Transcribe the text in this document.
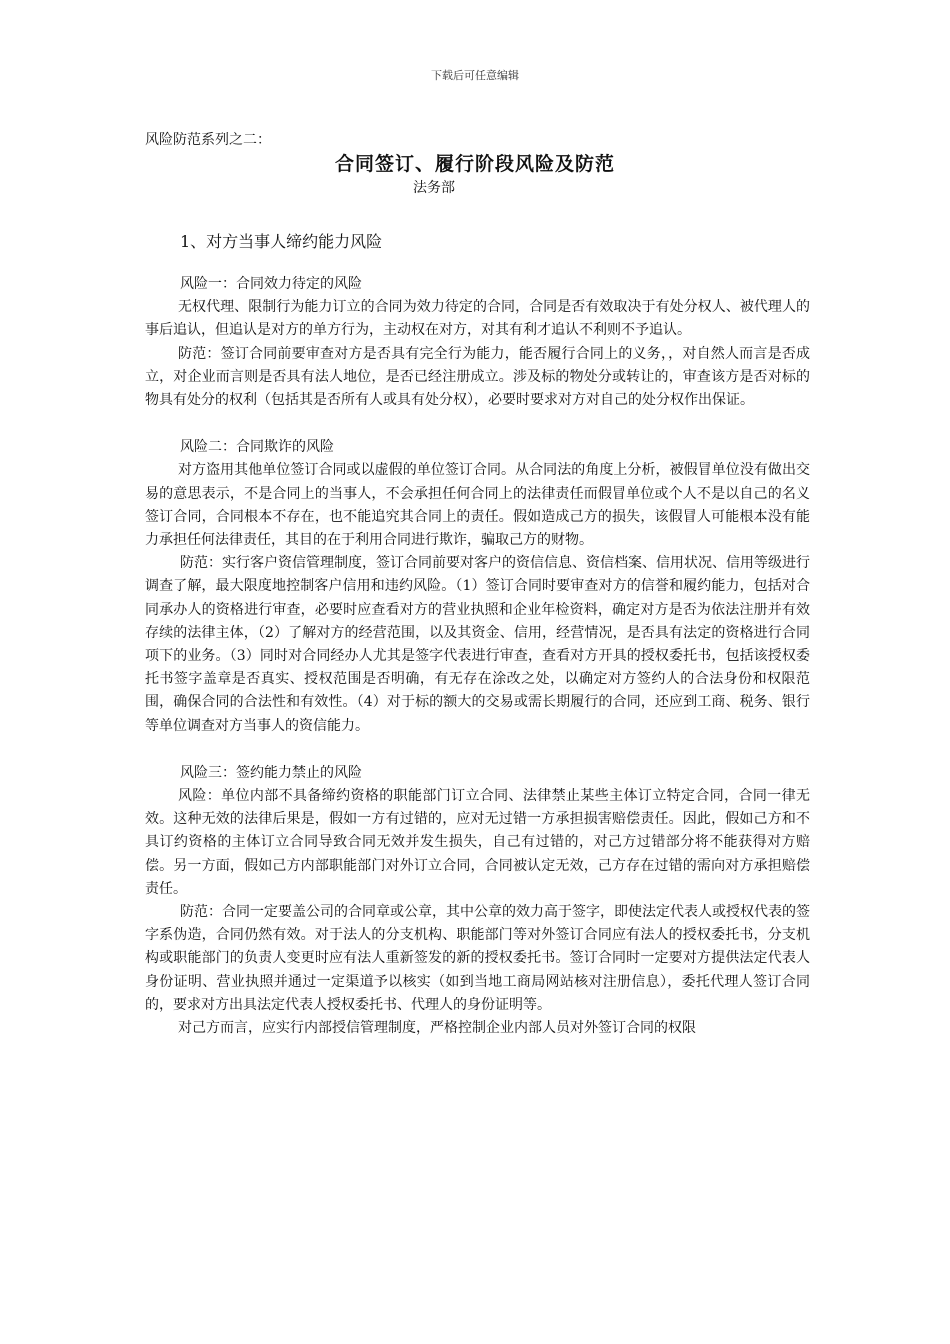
下载后可任意编辑
风险防范系列之二：
合同签订、履行阶段风险及防范
法务部
1、对方当事人缔约能力风险

风险一：合同效力待定的风险

无权代理、限制行为能力订立的合同为效力待定的合同，合同是否有效取决于有处分权人、被代理人的事后追认，但追认是对方的单方行为，主动权在对方，对其有利才追认不利则不予追认。

防范：签订合同前要审查对方是否具有完全行为能力，能否履行合同上的义务，，对自然人而言是否成立，对企业而言则是否具有法人地位，是否已经注册成立。涉及标的物处分或转让的，审查该方是否对标的物具有处分的权利（包括其是否所有人或具有处分权），必要时要求对方对自己的处分权作出保证。

风险二：合同欺诈的风险

对方盗用其他单位签订合同或以虚假的单位签订合同。从合同法的角度上分析，被假冒单位没有做出交易的意思表示，不是合同上的当事人，不会承担任何合同上的法律责任而假冒单位或个人不是以自己的名义签订合同，合同根本不存在，也不能追究其合同上的责任。假如造成己方的损失，该假冒人可能根本没有能力承担任何法律责任，其目的在于利用合同进行欺诈，骗取己方的财物。

防范：实行客户资信管理制度，签订合同前要对客户的资信信息、资信档案、信用状况、信用等级进行调查了解，最大限度地控制客户信用和违约风险。（1）签订合同时要审查对方的信誉和履约能力，包括对合同承办人的资格进行审查，必要时应查看对方的营业执照和企业年检资料，确定对方是否为依法注册并有效存续的法律主体，（2）了解对方的经营范围，以及其资金、信用，经营情况，是否具有法定的资格进行合同项下的业务。（3）同时对合同经办人尤其是签字代表进行审查，查看对方开具的授权委托书，包括该授权委托书签字盖章是否真实、授权范围是否明确，有无存在涂改之处，以确定对方签约人的合法身份和权限范围，确保合同的合法性和有效性。（4）对于标的额大的交易或需长期履行的合同，还应到工商、税务、银行等单位调查对方当事人的资信能力。

风险三：签约能力禁止的风险

风险：单位内部不具备缔约资格的职能部门订立合同、法律禁止某些主体订立特定合同，合同一律无效。这种无效的法律后果是，假如一方有过错的，应对无过错一方承担损害赔偿责任。因此，假如己方和不具订约资格的主体订立合同导致合同无效并发生损失，自己有过错的，对己方过错部分将不能获得对方赔偿。另一方面，假如己方内部职能部门对外订立合同，合同被认定无效，己方存在过错的需向对方承担赔偿责任。

防范：合同一定要盖公司的合同章或公章，其中公章的效力高于签字，即使法定代表人或授权代表的签字系伪造，合同仍然有效。对于法人的分支机构、职能部门等对外签订合同应有法人的授权委托书，分支机构或职能部门的负责人变更时应有法人重新签发的新的授权委托书。签订合同时一定要对方提供法定代表人身份证明、营业执照并通过一定渠道予以核实（如到当地工商局网站核对注册信息），委托代理人签订合同的，要求对方出具法定代表人授权委托书、代理人的身份证明等。

对己方而言，应实行内部授信管理制度，严格控制企业内部人员对外签订合同的权限
